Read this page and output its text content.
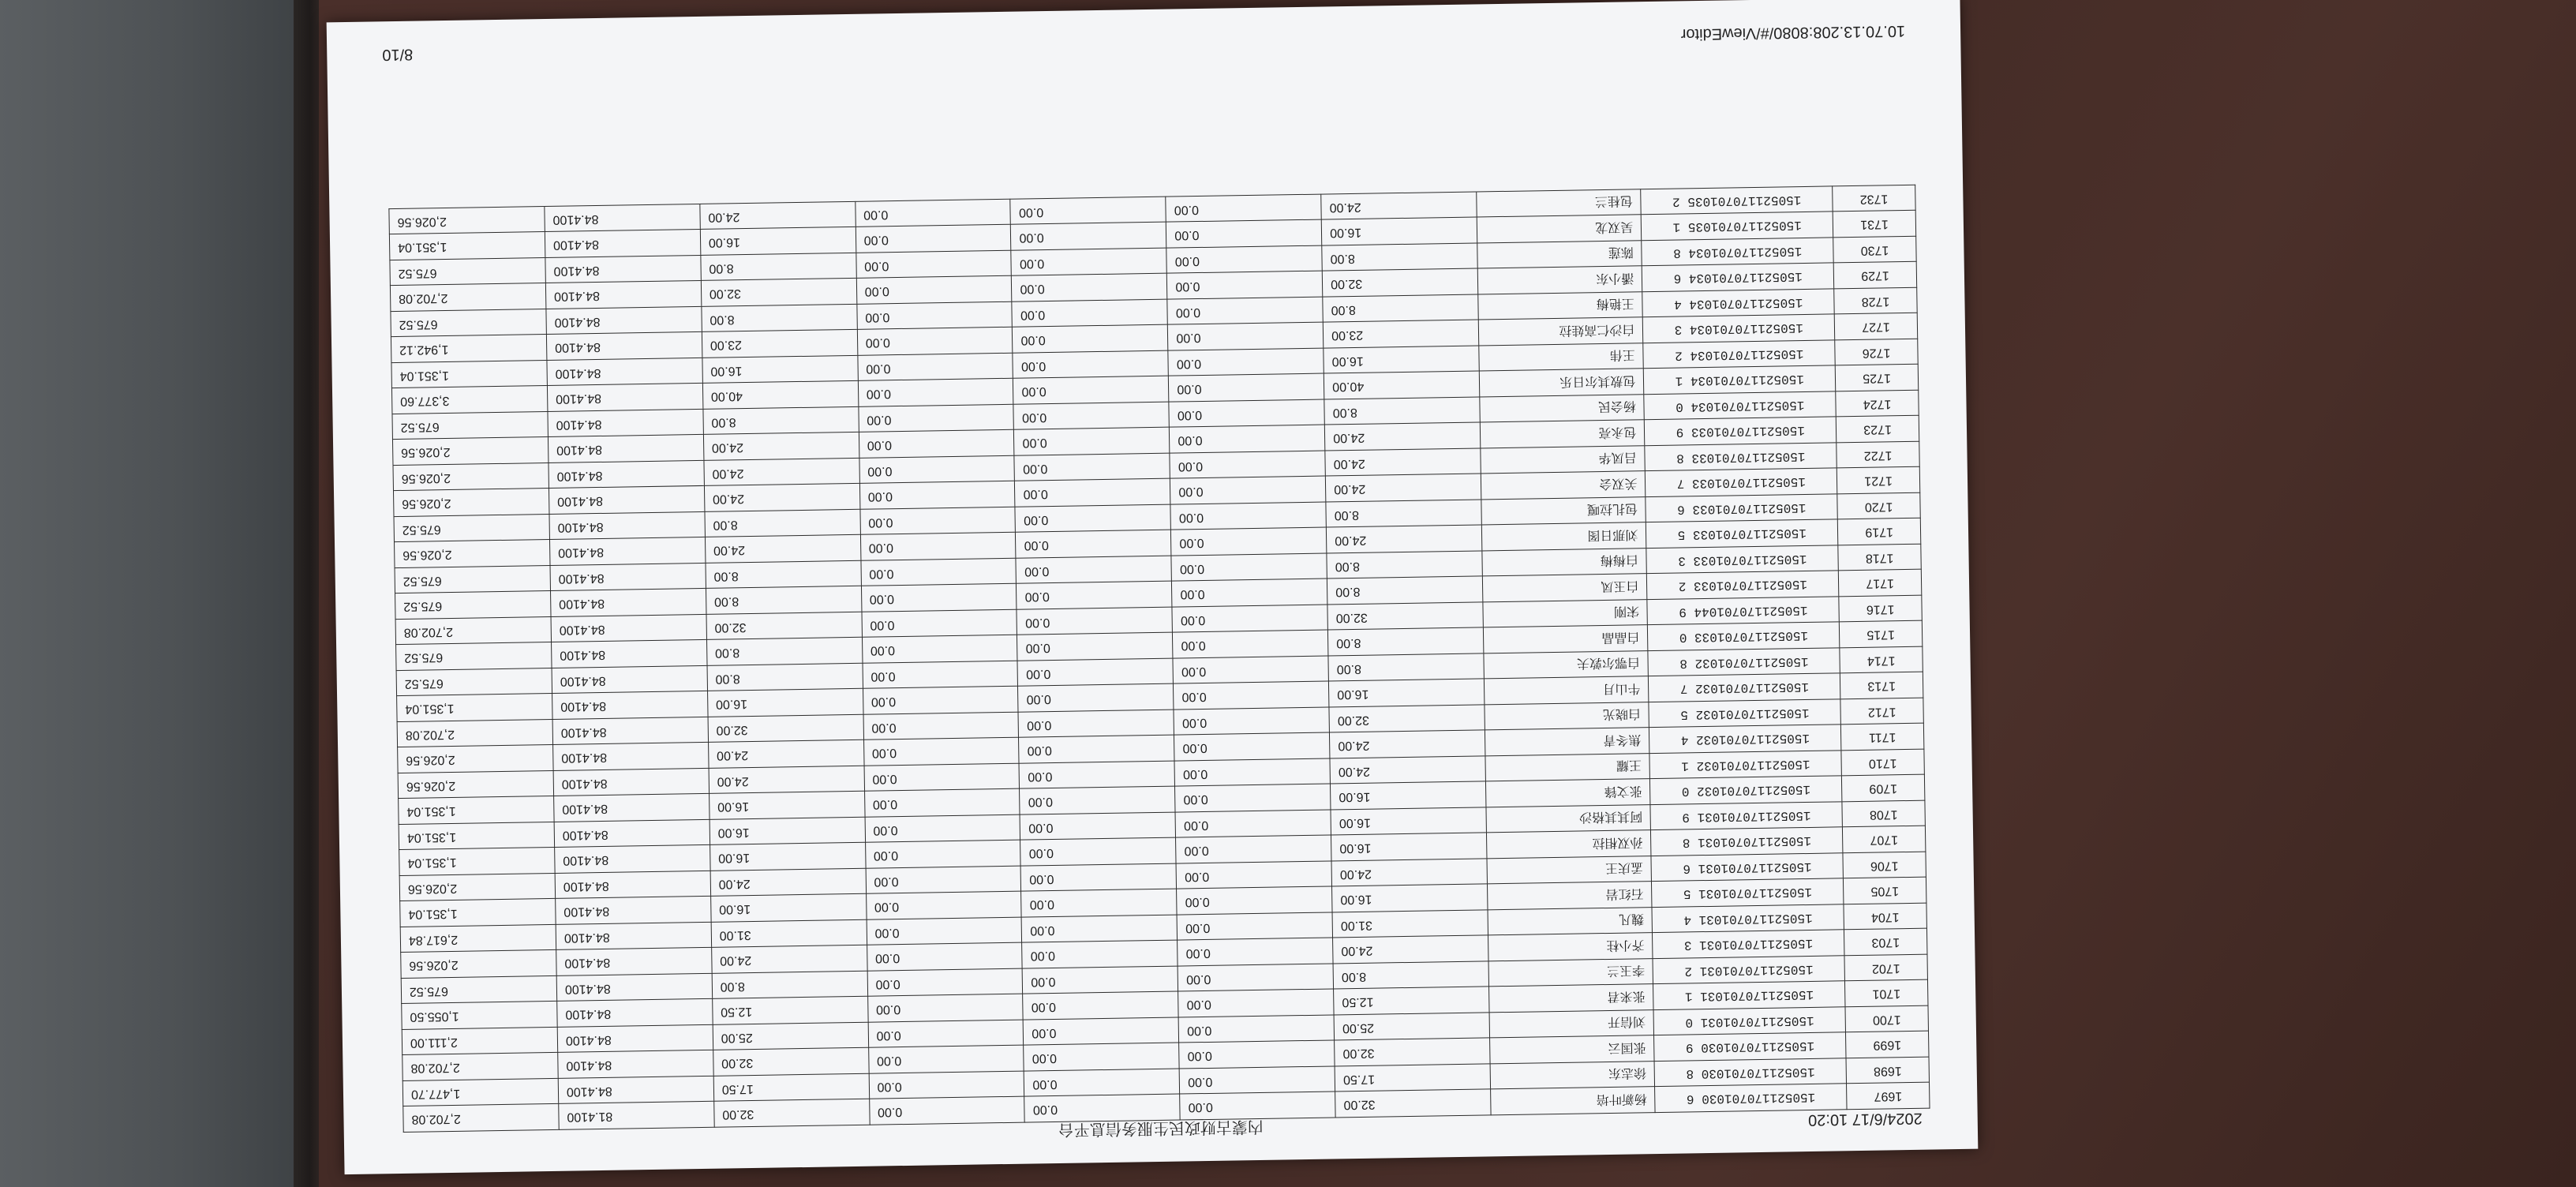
2024/6/17 10:20
内蒙古财政民生服务信息平台
1697	150521170701030 6	杨新叶培	32.00	0.00	0.00	0.00	32.00	81.4100	2,702.08
1698	150521170701030 8	徐志东	17.50	0.00	0.00	0.00	17.50	84.4100	1,477.70
1699	150521170701030 9	张国云	32.00	0.00	0.00	0.00	32.00	84.4100	2,702.08
1700	150521170701031 0	刘信开	25.00	0.00	0.00	0.00	25.00	84.4100	2,111.00
1701	150521170701031 1	张来君	12.50	0.00	0.00	0.00	12.50	84.4100	1,055.50
1702	150521170701031 2	李玉兰	8.00	0.00	0.00	0.00	8.00	84.4100	675.52
1703	150521170701031 3	齐小柱	24.00	0.00	0.00	0.00	24.00	84.4100	2,026.56
1704	150521170701031 4	魏凡	31.00	0.00	0.00	0.00	31.00	84.4100	2,617.84
1705	150521170701031 5	石红岩	16.00	0.00	0.00	0.00	16.00	84.4100	1,351.04
1706	150521170701031 6	孟庆王	24.00	0.00	0.00	0.00	24.00	84.4100	2,026.56
1707	150521170701031 8	孙双相拉	16.00	0.00	0.00	0.00	16.00	84.4100	1,351.04
1708	150521170701031 9	阿其其格沙	16.00	0.00	0.00	0.00	16.00	84.4100	1,351.04
1709	150521170701032 0	张文锋	16.00	0.00	0.00	0.00	16.00	84.4100	1,351.04
1710	150521170701032 1	王耀	24.00	0.00	0.00	0.00	24.00	84.4100	2,026.56
1711	150521170701032 4	焦冬青	24.00	0.00	0.00	0.00	24.00	84.4100	2,026.56
1712	150521170701032 5	白晓光	32.00	0.00	0.00	0.00	32.00	84.4100	2,702.08
1713	150521170701032 7	牛山月	16.00	0.00	0.00	0.00	16.00	84.4100	1,351.04
1714	150521170701032 8	白鄂尔敦夫	8.00	0.00	0.00	0.00	8.00	84.4100	675.52
1715	150521170701033 0	白晶晶	8.00	0.00	0.00	0.00	8.00	84.4100	675.52
1716	150521170701044 9	宋刚	32.00	0.00	0.00	0.00	32.00	84.4100	2,702.08
1717	150521170701033 2	白玉凤	8.00	0.00	0.00	0.00	8.00	84.4100	675.52
1718	150521170701033 3	白梅梅	8.00	0.00	0.00	0.00	8.00	84.4100	675.52
1719	150521170701033 5	刘那日图	24.00	0.00	0.00	0.00	24.00	84.4100	2,026.56
1720	150521170701033 6	包扎拉嘎	8.00	0.00	0.00	0.00	8.00	84.4100	675.52
1721	150521170701033 7	关双会	24.00	0.00	0.00	0.00	24.00	84.4100	2,026.56
1722	150521170701033 8	吕凤华	24.00	0.00	0.00	0.00	24.00	84.4100	2,026.56
1723	150521170701033 9	包永亮	24.00	0.00	0.00	0.00	24.00	84.4100	2,026.56
1724	150521170701034 0	杨会民	8.00	0.00	0.00	0.00	8.00	84.4100	675.52
1725	150521170701034 1	包敖其尔日乐	40.00	0.00	0.00	0.00	40.00	84.4100	3,377.60
1726	150521170701034 2	王伟	16.00	0.00	0.00	0.00	16.00	84.4100	1,351.04
1727	150521170701034 3	白沙仁高娃拉	23.00	0.00	0.00	0.00	23.00	84.4100	1,942.12
1728	150521170701034 4	王艳梅	8.00	0.00	0.00	0.00	8.00	84.4100	675.52
1729	150521170701034 6	潘小东	32.00	0.00	0.00	0.00	32.00	84.4100	2,702.08
1730	150521170701034 8	陈莲	8.00	0.00	0.00	0.00	8.00	84.4100	675.52
1731	150521170701035 1	吴双龙	16.00	0.00	0.00	0.00	16.00	84.4100	1,351.04
1732	150521170701035 2	包桂兰	24.00	0.00	0.00	0.00	24.00	84.4100	2,026.56
10.70.13.208:8080/#/ViewEditor
8/10
